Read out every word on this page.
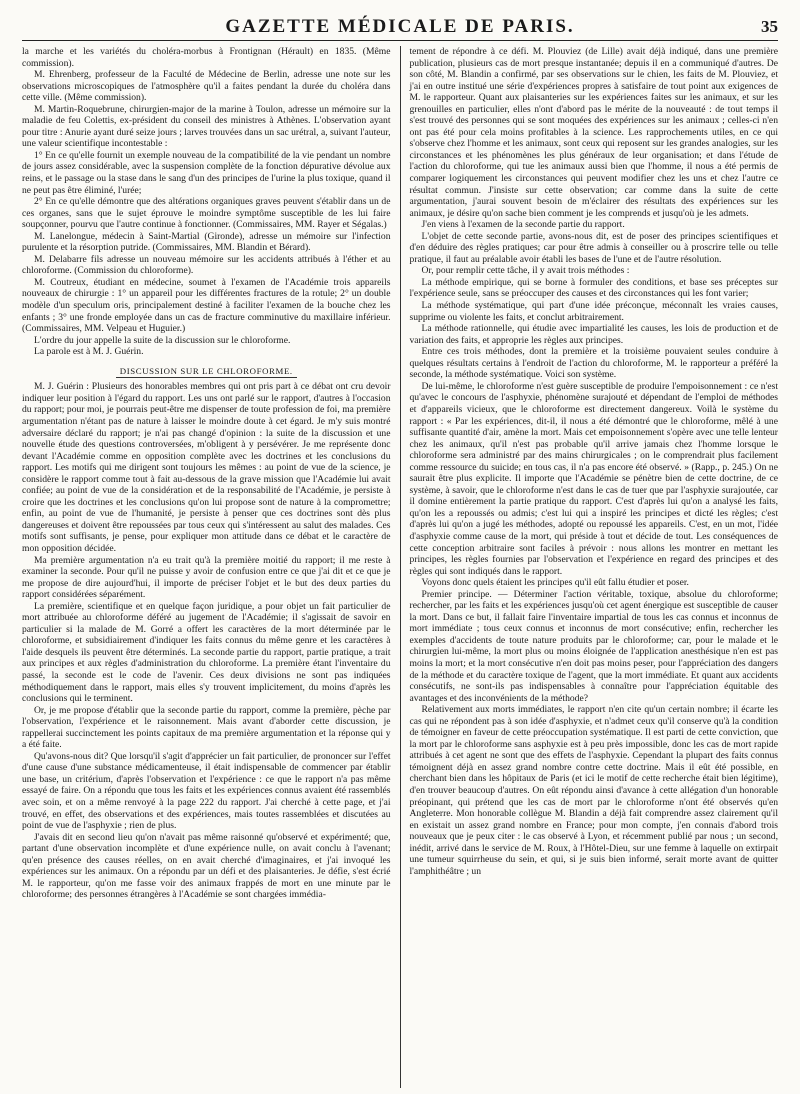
GAZETTE MÉDICALE DE PARIS.	35

la marche et les variétés du choléra-morbus à Frontignan (Hérault) en 1835. (Même commission).

M. Ehrenberg, professeur de la Faculté de Médecine de Berlin, adresse une note sur les observations microscopiques de l'atmosphère qu'il a faites pendant la durée du choléra dans cette ville. (Même commission).

M. Martin-Roquebrune, chirurgien-major de la marine à Toulon, adresse un mémoire sur la maladie de feu Colettis, ex-président du conseil des ministres à Athènes. L'observation ayant pour titre : Anurie ayant duré seize jours ; larves trouvées dans un sac urétral, a, suivant l'auteur, une valeur scientifique incontestable :

1° En ce qu'elle fournit un exemple nouveau de la compatibilité de la vie pendant un nombre de jours assez considérable, avec la suspension complète de la fonction dépurative dévolue aux reins, et le passage ou la stase dans le sang d'un des principes de l'urine la plus toxique, quand il ne peut pas être éliminé, l'urée;

2° En ce qu'elle démontre que des altérations organiques graves peuvent s'établir dans un de ces organes, sans que le sujet éprouve le moindre symptôme susceptible de les lui faire soupçonner, pourvu que l'autre continue à fonctionner. (Commissaires, MM. Rayer et Ségalas.)

M. Lanelongue, médecin à Saint-Martial (Gironde), adresse un mémoire sur l'infection purulente et la résorption putride. (Commissaires, MM. Blandin et Bérard).

M. Delabarre fils adresse un nouveau mémoire sur les accidents attribués à l'éther et au chloroforme. (Commission du chloroforme).

M. Coutreux, étudiant en médecine, soumet à l'examen de l'Académie trois appareils nouveaux de chirurgie : 1° un appareil pour les différentes fractures de la rotule; 2° un double modèle d'un speculum oris, principalement destiné à faciliter l'examen de la bouche chez les enfants ; 3° une fronde employée dans un cas de fracture comminutive du maxillaire inférieur. (Commissaires, MM. Velpeau et Huguier.)

L'ordre du jour appelle la suite de la discussion sur le chloroforme.

La parole est à M. J. Guérin.

DISCUSSION SUR LE CHLOROFORME.

M. J. Guérin : Plusieurs des honorables membres qui ont pris part à ce débat ont cru devoir indiquer leur position à l'égard du rapport. Les uns ont parlé sur le rapport, d'autres à l'occasion du rapport; pour moi, je pourrais peut-être me dispenser de toute profession de foi, ma première argumentation n'étant pas de nature à laisser le moindre doute à cet égard. Je m'y suis montré adversaire déclaré du rapport; je n'ai pas changé d'opinion : la suite de la discussion et une nouvelle étude des questions controversées, m'obligent à y persévérer. Je me représente donc devant l'Académie comme en opposition complète avec les doctrines et les conclusions du rapport. Les motifs qui me dirigent sont toujours les mêmes : au point de vue de la science, je considère le rapport comme tout à fait au-dessous de la grave mission que l'Académie lui avait confiée; au point de vue de la considération et de la responsabilité de l'Académie, je persiste à croire que les doctrines et les conclusions qu'on lui propose sont de nature à la compromettre; enfin, au point de vue de l'humanité, je persiste à penser que ces doctrines sont dès plus dangereuses et doivent être repoussées par tous ceux qui s'intéressent au salut des malades. Ces motifs sont suffisants, je pense, pour expliquer mon attitude dans ce débat et le caractère de mon opposition décidée.

Ma première argumentation n'a eu trait qu'à la première moitié du rapport; il me reste à examiner la seconde. Pour qu'il ne puisse y avoir de confusion entre ce que j'ai dit et ce que je me propose de dire aujourd'hui, il importe de préciser l'objet et le but des deux parties du rapport considérées séparément.

La première, scientifique et en quelque façon juridique, a pour objet un fait particulier de mort attribuée au chloroforme déféré au jugement de l'Académie; il s'agissait de savoir en particulier si la malade de M. Gorré a offert les caractères de la mort déterminée par le chloroforme, et subsidiairement d'indiquer les faits connus du même genre et les caractères à l'aide desquels ils peuvent être déterminés. La seconde partie du rapport, partie pratique, a trait aux principes et aux règles d'administration du chloroforme. La première étant l'inventaire du passé, la seconde est le code de l'avenir. Ces deux divisions ne sont pas indiquées méthodiquement dans le rapport, mais elles s'y trouvent implicitement, du moins d'après les conclusions qui le terminent.

Or, je me propose d'établir que la seconde partie du rapport, comme la première, pèche par l'observation, l'expérience et le raisonnement. Mais avant d'aborder cette discussion, je rappellerai succinctement les points capitaux de ma première argumentation et la réponse qui y a été faite.

Qu'avons-nous dit? Que lorsqu'il s'agit d'apprécier un fait particulier, de prononcer sur l'effet d'une cause d'une substance médicamenteuse, il était indispensable de commencer par établir une base, un critérium, d'après l'observation et l'expérience : ce que le rapport n'a pas même essayé de faire. On a répondu que tous les faits et les expériences connus avaient été rassemblés avec soin, et on a même renvoyé à la page 222 du rapport. J'ai cherché à cette page, et j'ai trouvé, en effet, des observations et des expériences, mais toutes rassemblées et discutées au point de vue de l'asphyxie ; rien de plus.

J'avais dit en second lieu qu'on n'avait pas même raisonné qu'observé et expérimenté; que, partant d'une observation incomplète et d'une expérience nulle, on avait conclu à l'avenant; qu'en présence des causes réelles, on en avait cherché d'imaginaires, et j'ai invoqué les expériences sur les animaux. On a répondu par un défi et des plaisanteries. Je défie, s'est écrié M. le rapporteur, qu'on me fasse voir des animaux frappés de mort en une minute par le chloroforme; des personnes étrangères à l'Académie se sont chargées immédia-

tement de répondre à ce défi. M. Plouviez (de Lille) avait déjà indiqué, dans une première publication, plusieurs cas de mort presque instantanée; depuis il en a communiqué d'autres. De son côté, M. Blandin a confirmé, par ses observations sur le chien, les faits de M. Plouviez, et j'ai en outre institué une série d'expériences propres à satisfaire de tout point aux exigences de M. le rapporteur. Quant aux plaisanteries sur les expériences faites sur les animaux, et sur les grenouilles en particulier, elles n'ont d'abord pas le mérite de la nouveauté : de tout temps il s'est trouvé des personnes qui se sont moquées des expériences sur les animaux ; celles-ci n'en ont pas été pour cela moins profitables à la science. Les rapprochements utiles, en ce qui s'observe chez l'homme et les animaux, sont ceux qui reposent sur les grandes analogies, sur les circonstances et les phénomènes les plus généraux de leur organisation; et dans l'étude de l'action du chloroforme, qui tue les animaux aussi bien que l'homme, il nous a été permis de comparer logiquement les circonstances qui peuvent modifier chez les uns et chez l'autre ce résultat commun. J'insiste sur cette observation; car comme dans la suite de cette argumentation, j'aurai souvent besoin de m'éclairer des résultats des expériences sur les animaux, je désire qu'on sache bien comment je les comprends et jusqu'où je les admets.

J'en viens à l'examen de la seconde partie du rapport.

L'objet de cette seconde partie, avons-nous dit, est de poser des principes scientifiques et d'en déduire des règles pratiques; car pour être admis à conseiller ou à proscrire telle ou telle pratique, il faut au préalable avoir établi les bases de l'une et de l'autre résolution.

Or, pour remplir cette tâche, il y avait trois méthodes :

La méthode empirique, qui se borne à formuler des conditions, et base ses préceptes sur l'expérience seule, sans se préoccuper des causes et des circonstances qui les font varier;

La méthode systématique, qui part d'une idée préconçue, méconnaît les vraies causes, supprime ou violente les faits, et conclut arbitrairement.

La méthode rationnelle, qui étudie avec impartialité les causes, les lois de production et de variation des faits, et approprie les règles aux principes.

Entre ces trois méthodes, dont la première et la troisième pouvaient seules conduire à quelques résultats certains à l'endroit de l'action du chloroforme, M. le rapporteur a préféré la seconde, la méthode systématique. Voici son système.

De lui-même, le chloroforme n'est guère susceptible de produire l'empoisonnement : ce n'est qu'avec le concours de l'asphyxie, phénomène surajouté et dépendant de l'emploi de méthodes et d'appareils vicieux, que le chloroforme est directement dangereux. Voilà le système du rapport : « Par les expériences, dit-il, il nous a été démontré que le chloroforme, mêlé à une suffisante quantité d'air, amène la mort. Mais cet empoisonnement s'opère avec une telle lenteur chez les animaux, qu'il n'est pas probable qu'il arrive jamais chez l'homme lorsque le chloroforme sera administré par des mains chirurgicales ; on le comprendrait plus facilement comme ressource du suicide; en tous cas, il n'a pas encore été observé. » (Rapp., p. 245.) On ne saurait être plus explicite. Il importe que l'Académie se pénètre bien de cette doctrine, de ce système, à savoir, que le chloroforme n'est dans le cas de tuer que par l'asphyxie surajoutée, car il domine entièrement la partie pratique du rapport. C'est d'après lui qu'on a analysé les faits, qu'on les a repoussés ou admis; c'est lui qui a inspiré les principes et dicté les règles; c'est d'après lui qu'on a jugé les méthodes, adopté ou repoussé les appareils. C'est, en un mot, l'idée d'asphyxie comme cause de la mort, qui préside à tout et décide de tout. Les conséquences de cette conception arbitraire sont faciles à prévoir : nous allons les montrer en mettant les principes, les règles fournies par l'observation et l'expérience en regard des principes et des règles qui sont indiqués dans le rapport.

Voyons donc quels étaient les principes qu'il eût fallu étudier et poser.

Premier principe. — Déterminer l'action véritable, toxique, absolue du chloroforme; rechercher, par les faits et les expériences jusqu'où cet agent énergique est susceptible de causer la mort. Dans ce but, il fallait faire l'inventaire impartial de tous les cas connus et inconnus de mort immédiate ; tous ceux connus et inconnus de mort consécutive; enfin, rechercher les exemples d'accidents de toute nature produits par le chloroforme; car, pour le malade et le chirurgien lui-même, la mort plus ou moins éloignée de l'application anesthésique n'en est pas moins la mort; et la mort consécutive n'en doit pas moins peser, pour l'appréciation des dangers de la méthode et du caractère toxique de l'agent, que la mort immédiate. Et quant aux accidents consécutifs, ne sont-ils pas indispensables à connaître pour l'appréciation équitable des avantages et des inconvénients de la méthode?

Relativement aux morts immédiates, le rapport n'en cite qu'un certain nombre; il écarte les cas qui ne répondent pas à son idée d'asphyxie, et n'admet ceux qu'il conserve qu'à la condition de témoigner en faveur de cette préoccupation systématique. Il est parti de cette conviction, que la mort par le chloroforme sans asphyxie est à peu près impossible, donc les cas de mort rapide attribués à cet agent ne sont que des effets de l'asphyxie. Cependant la plupart des faits connus témoignent déjà en assez grand nombre contre cette doctrine. Mais il eût été possible, en cherchant bien dans les hôpitaux de Paris (et ici le motif de cette recherche était bien légitime), d'en trouver beaucoup d'autres. On eût répondu ainsi d'avance à cette allégation d'un honorable préopinant, qui prétend que les cas de mort par le chloroforme n'ont été observés qu'en Angleterre. Mon honorable collègue M. Blandin a déjà fait comprendre assez clairement qu'il en existait un assez grand nombre en France; pour mon compte, j'en connais d'abord trois nouveaux que je peux citer : le cas observé à Lyon, et récemment publié par nous ; un second, inédit, arrivé dans le service de M. Roux, à l'Hôtel-Dieu, sur une femme à laquelle on extirpait une tumeur squirrheuse du sein, et qui, si je suis bien informé, serait morte avant de quitter l'amphithéâtre ; un
